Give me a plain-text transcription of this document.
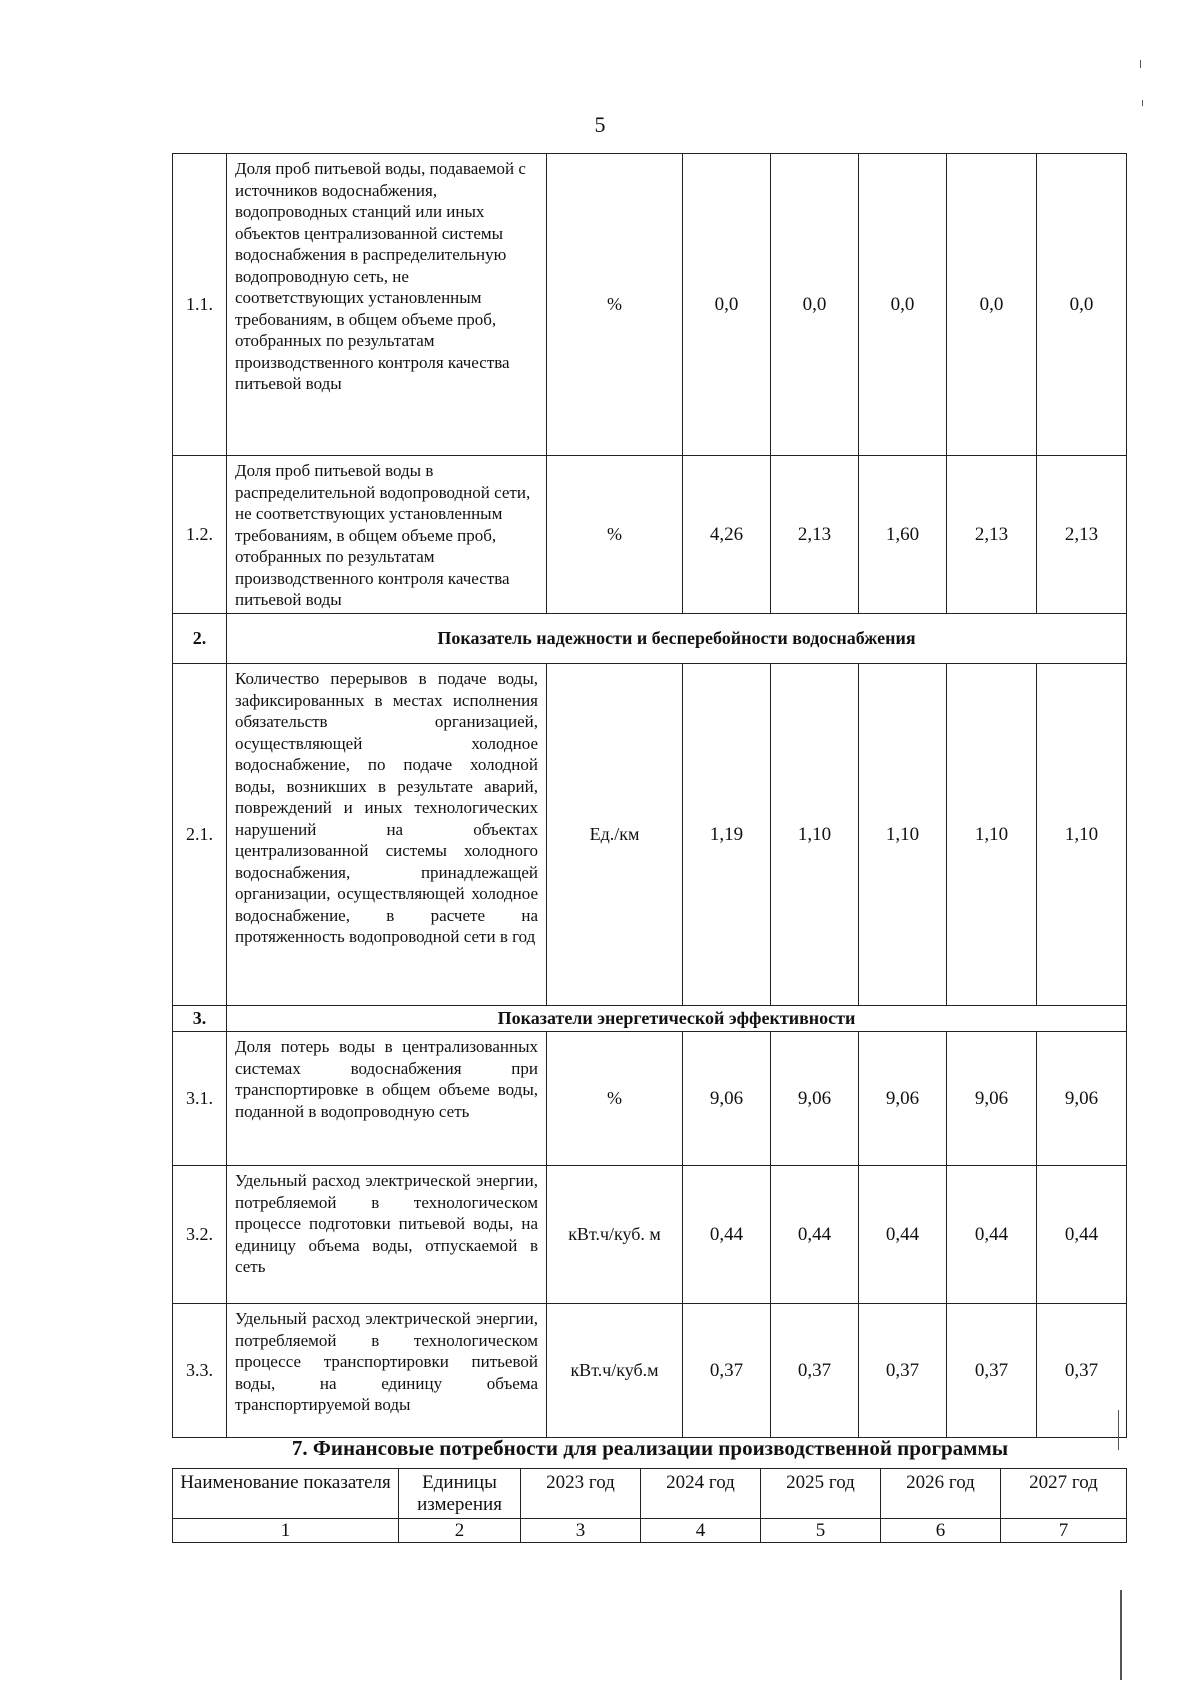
5
1.1.	Доля проб питьевой воды, подаваемой с источников водоснабжения, водопроводных станций или иных объектов централизованной системы водоснабжения в распределительную водопроводную сеть, не соответствующих установленным требованиям, в общем объеме проб, отобранных по результатам производственного контроля качества питьевой воды	%	0,0	0,0	0,0	0,0	0,0
1.2.	Доля проб питьевой воды в распределительной водопроводной сети, не соответствующих установленным требованиям, в общем объеме проб, отобранных по результатам производственного контроля качества питьевой воды	%	4,26	2,13	1,60	2,13	2,13
2.	Показатель надежности и бесперебойности водоснабжения						
2.1.	Количество перерывов в подаче воды, зафиксированных в местах исполнения обязательств организацией, осуществляющей холодное водоснабжение, по подаче холодной воды, возникших в результате аварий, повреждений и иных технологических нарушений на объектах централизованной системы холодного водоснабжения, принадлежащей организации, осуществляющей холодное водоснабжение, в расчете на протяженность водопроводной сети в год	Ед./км	1,19	1,10	1,10	1,10	1,10
3.	Показатели энергетической эффективности						
3.1.	Доля потерь воды в централизованных системах водоснабжения при транспортировке в общем объеме воды, поданной в водопроводную сеть	%	9,06	9,06	9,06	9,06	9,06
3.2.	Удельный расход электрической энергии, потребляемой в технологическом процессе подготовки питьевой воды, на единицу объема воды, отпускаемой в сеть	кВт.ч/куб. м	0,44	0,44	0,44	0,44	0,44
3.3.	Удельный расход электрической энергии, потребляемой в технологическом процессе транспортировки питьевой воды, на единицу объема транспортируемой воды	кВт.ч/куб.м	0,37	0,37	0,37	0,37	0,37
7. Финансовые потребности для реализации производственной программы
Наименование показателя	Единицы измерения	2023 год	2024 год	2025 год	2026 год	2027 год
1	2	3	4	5	6	7
